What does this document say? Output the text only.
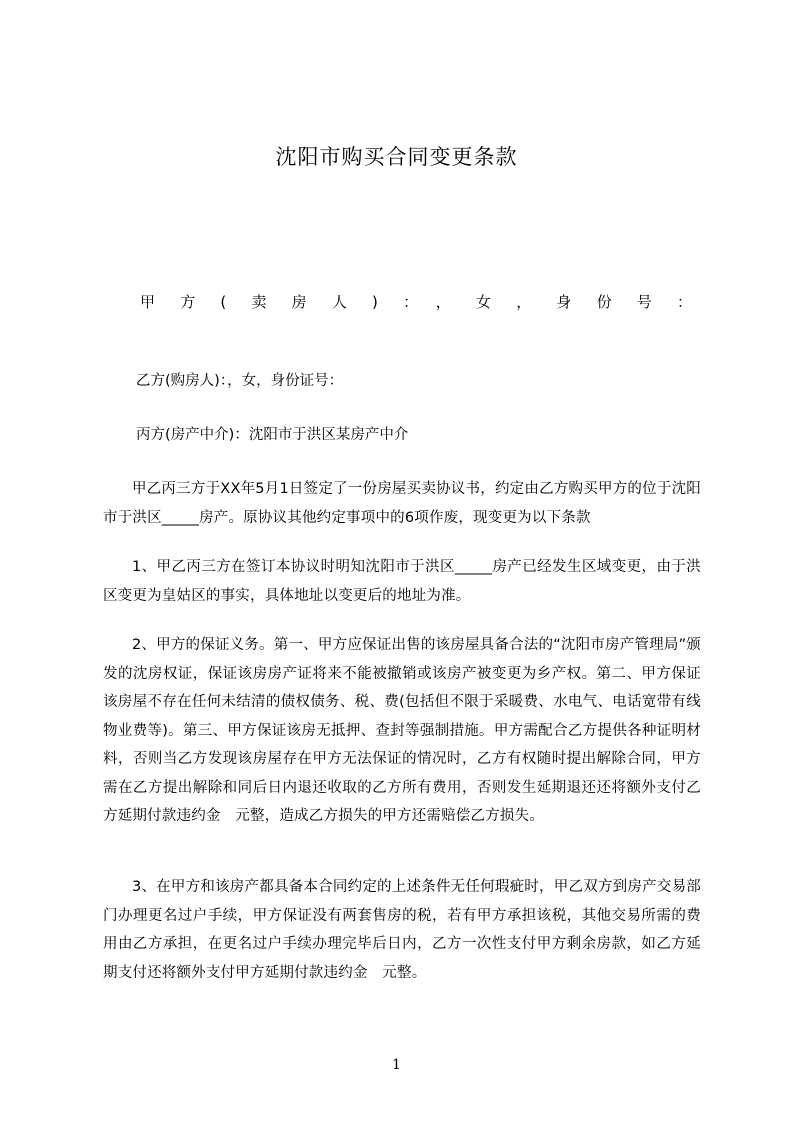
沈阳市购买合同变更条款
甲方(卖房人)：，女，身份号：
乙方(购房人)：，女，身份证号：
丙方(房产中介)：沈阳市于洪区某房产中介
甲乙丙三方于XX年5月1日签定了一份房屋买卖协议书，约定由乙方购买甲方的位于沈阳市于洪区_____房产。原协议其他约定事项中的6项作废，现变更为以下条款
1、甲乙丙三方在签订本协议时明知沈阳市于洪区_____房产已经发生区域变更，由于洪区变更为皇姑区的事实，具体地址以变更后的地址为准。
2、甲方的保证义务。第一、甲方应保证出售的该房屋具备合法的“沈阳市房产管理局”颁发的沈房权证，保证该房房产证将来不能被撤销或该房产被变更为乡产权。第二、甲方保证该房屋不存在任何未结清的债权债务、税、费(包括但不限于采暖费、水电气、电话宽带有线物业费等)。第三、甲方保证该房无抵押、查封等强制措施。甲方需配合乙方提供各种证明材料，否则当乙方发现该房屋存在甲方无法保证的情况时，乙方有权随时提出解除合同，甲方需在乙方提出解除和同后日内退还收取的乙方所有费用，否则发生延期退还还将额外支付乙方延期付款违约金　元整，造成乙方损失的甲方还需赔偿乙方损失。
3、在甲方和该房产都具备本合同约定的上述条件无任何瑕疵时，甲乙双方到房产交易部门办理更名过户手续，甲方保证没有两套售房的税，若有甲方承担该税，其他交易所需的费用由乙方承担，在更名过户手续办理完毕后日内，乙方一次性支付甲方剩余房款，如乙方延期支付还将额外支付甲方延期付款违约金　元整。
1
